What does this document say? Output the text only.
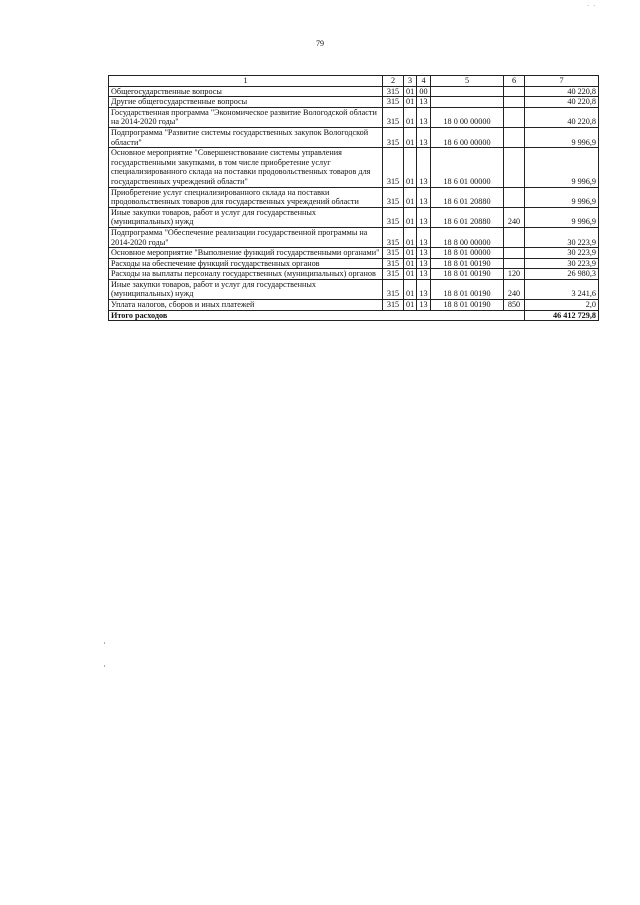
· ·
79
1	2	3	4	5	6	7
Общегосударственные вопросы	315	01	00			40 220,8
Другие общегосударственные вопросы	315	01	13			40 220,8
Государственная программа "Экономическое развитие Вологодской области на 2014-2020 годы"	315	01	13	18 0 00 00000		40 220,8
Подпрограмма "Развитие системы государственных закупок Вологодской области"	315	01	13	18 6 00 00000		9 996,9
Основное мероприятие "Совершенствование системы управления государственными закупками, в том числе приобретение услуг специализированного склада на поставки продовольственных товаров для государственных учреждений области"	315	01	13	18 6 01 00000		9 996,9
Приобретение услуг специализированного склада на поставки продовольственных товаров для государственных учреждений области	315	01	13	18 6 01 20880		9 996,9
Иные закупки товаров, работ и услуг для государственных (муниципальных) нужд	315	01	13	18 6 01 20880	240	9 996,9
Подпрограмма "Обеспечение реализации государственной программы на 2014-2020 годы"	315	01	13	18 8 00 00000		30 223,9
Основное мероприятие "Выполнение функций государственными органами"	315	01	13	18 8 01 00000		30 223,9
Расходы на обеспечение функций государственных органов	315	01	13	18 8 01 00190		30 223,9
Расходы на выплаты персоналу государственных (муниципальных) органов	315	01	13	18 8 01 00190	120	26 980,3
Иные закупки товаров, работ и услуг для государственных (муниципальных) нужд	315	01	13	18 8 01 00190	240	3 241,6
Уплата налогов, сборов и иных платежей	315	01	13	18 8 01 00190	850	2,0
Итого расходов						46 412 729,8
